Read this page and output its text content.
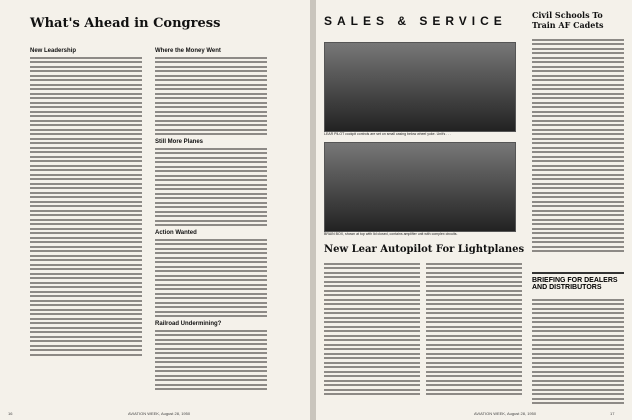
What's Ahead in Congress
New Leadership	Where the Money Went
Still More Planes
Action Wanted
Railroad Undermining?
16	AVIATION WEEK, August 28, 1950
SALES & SERVICE
LEAR PILOT cockpit controls are set on small casing below wheel yoke. Unit's . . .
BRAIN BOX, shown at top with lid closed, contains amplifier unit with complex circuits.
New Lear Autopilot For Lightplanes
Civil Schools To Train AF Cadets
BRIEFING FOR DEALERS AND DISTRIBUTORS
AVIATION WEEK, August 28, 1950	17
